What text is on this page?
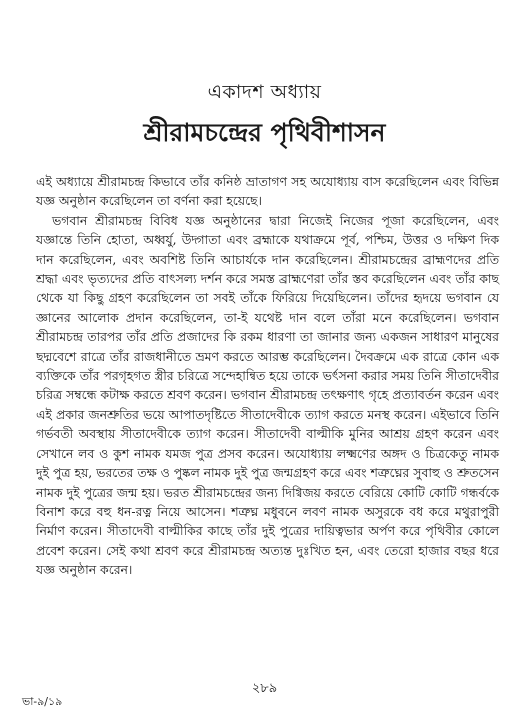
একাদশ অধ্যায়
শ্রীরামচন্দ্রের পৃথিবীশাসন

এই অধ্যায়ে শ্রীরামচন্দ্র কিভাবে তাঁর কনিষ্ঠ ভ্রাতাগণ সহ অযোধ্যায় বাস করেছিলেন এবং বিভিন্ন যজ্ঞ অনুষ্ঠান করেছিলেন তা বর্ণনা করা হয়েছে।

ভগবান শ্রীরামচন্দ্র বিবিধ যজ্ঞ অনুষ্ঠানের দ্বারা নিজেই নিজের পূজা করেছিলেন, এবং যজ্ঞান্তে তিনি হোতা, অধ্বর্যু, উদ্গাতা এবং ব্রহ্মাকে যথাক্রমে পূর্ব, পশ্চিম, উত্তর ও দক্ষিণ দিক দান করেছিলেন, এবং অবশিষ্ট তিনি আচার্যকে দান করেছিলেন। শ্রীরামচন্দ্রের ব্রাহ্মণদের প্রতি শ্রদ্ধা এবং ভৃত্যদের প্রতি বাৎসল্য দর্শন করে সমস্ত ব্রাহ্মণেরা তাঁর স্তব করেছিলেন এবং তাঁর কাছ থেকে যা কিছু গ্রহণ করেছিলেন তা সবই তাঁকে ফিরিয়ে দিয়েছিলেন। তাঁদের হৃদয়ে ভগবান যে জ্ঞানের আলোক প্রদান করেছিলেন, তা-ই যথেষ্ট দান বলে তাঁরা মনে করেছিলেন। ভগবান শ্রীরামচন্দ্র তারপর তাঁর প্রতি প্রজাদের কি রকম ধারণা তা জানার জন্য একজন সাধারণ মানুষের ছদ্মবেশে রাত্রে তাঁর রাজধানীতে ভ্রমণ করতে আরম্ভ করেছিলেন। দৈবক্রমে এক রাত্রে কোন এক ব্যক্তিকে তাঁর পরগৃহগত স্ত্রীর চরিত্রে সন্দেহান্বিত হয়ে তাকে ভর্ৎসনা করার সময় তিনি সীতাদেবীর চরিত্র সম্বন্ধে কটাক্ষ করতে শ্রবণ করেন। ভগবান শ্রীরামচন্দ্র তৎক্ষণাৎ গৃহে প্রত্যাবর্তন করেন এবং এই প্রকার জনশ্রুতির ভয়ে আপাতদৃষ্টিতে সীতাদেবীকে ত্যাগ করতে মনস্থ করেন। এইভাবে তিনি গর্ভবতী অবস্থায় সীতাদেবীকে ত্যাগ করেন। সীতাদেবী বাল্মীকি মুনির আশ্রয় গ্রহণ করেন এবং সেখানে লব ও কুশ নামক যমজ পুত্র প্রসব করেন। অযোধ্যায় লক্ষ্মণের অঙ্গদ ও চিত্রকেতু নামক দুই পুত্র হয়, ভরতের তক্ষ ও পুষ্কল নামক দুই পুত্র জন্মগ্রহণ করে এবং শত্রুঘ্নের সুবাহু ও শ্রুতসেন নামক দুই পুত্রের জন্ম হয়। ভরত শ্রীরামচন্দ্রের জন্য দিগ্বিজয় করতে বেরিয়ে কোটি কোটি গন্ধর্বকে বিনাশ করে বহু ধন-রত্ন নিয়ে আসেন। শত্রুঘ্ন মধুবনে লবণ নামক অসুরকে বধ করে মথুরাপুরী নির্মাণ করেন। সীতাদেবী বাল্মীকির কাছে তাঁর দুই পুত্রের দায়িত্বভার অর্পণ করে পৃথিবীর কোলে প্রবেশ করেন। সেই কথা শ্রবণ করে শ্রীরামচন্দ্র অত্যন্ত দুঃখিত হন, এবং তেরো হাজার বছর ধরে যজ্ঞ অনুষ্ঠান করেন।

২৮৯
ভা-৯/১৯
